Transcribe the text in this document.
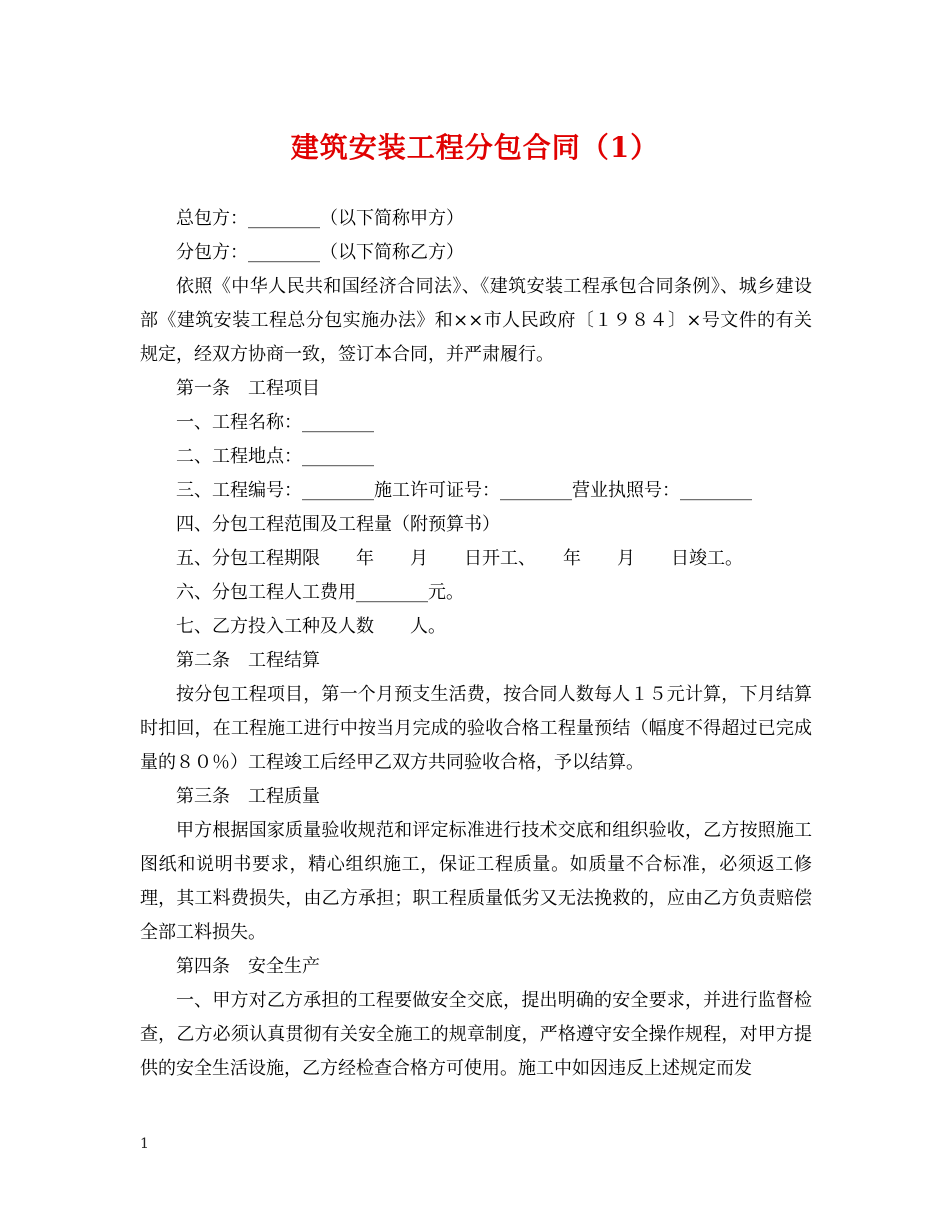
建筑安装工程分包合同（1）

总包方：________（以下简称甲方）

分包方：________（以下简称乙方）

依照《中华人民共和国经济合同法》、《建筑安装工程承包合同条例》、城乡建设部《建筑安装工程总分包实施办法》和××市人民政府〔１９８４〕×号文件的有关规定，经双方协商一致，签订本合同，并严肃履行。

第一条　工程项目

一、工程名称：________

二、工程地点：________

三、工程编号：________施工许可证号：________营业执照号：________

四、分包工程范围及工程量（附预算书）

五、分包工程期限　　年　　月　　日开工、　　年　　月　　日竣工。

六、分包工程人工费用________元。

七、乙方投入工种及人数　　人。

第二条　工程结算

按分包工程项目，第一个月预支生活费，按合同人数每人１５元计算，下月结算时扣回，在工程施工进行中按当月完成的验收合格工程量预结（幅度不得超过已完成量的８０％）工程竣工后经甲乙双方共同验收合格，予以结算。

第三条　工程质量

甲方根据国家质量验收规范和评定标准进行技术交底和组织验收，乙方按照施工图纸和说明书要求，精心组织施工，保证工程质量。如质量不合标准，必须返工修理，其工料费损失，由乙方承担；职工程质量低劣又无法挽救的，应由乙方负责赔偿全部工料损失。

第四条　安全生产

一、甲方对乙方承担的工程要做安全交底，提出明确的安全要求，并进行监督检查，乙方必须认真贯彻有关安全施工的规章制度，严格遵守安全操作规程，对甲方提供的安全生活设施，乙方经检查合格方可使用。施工中如因违反上述规定而发

1
